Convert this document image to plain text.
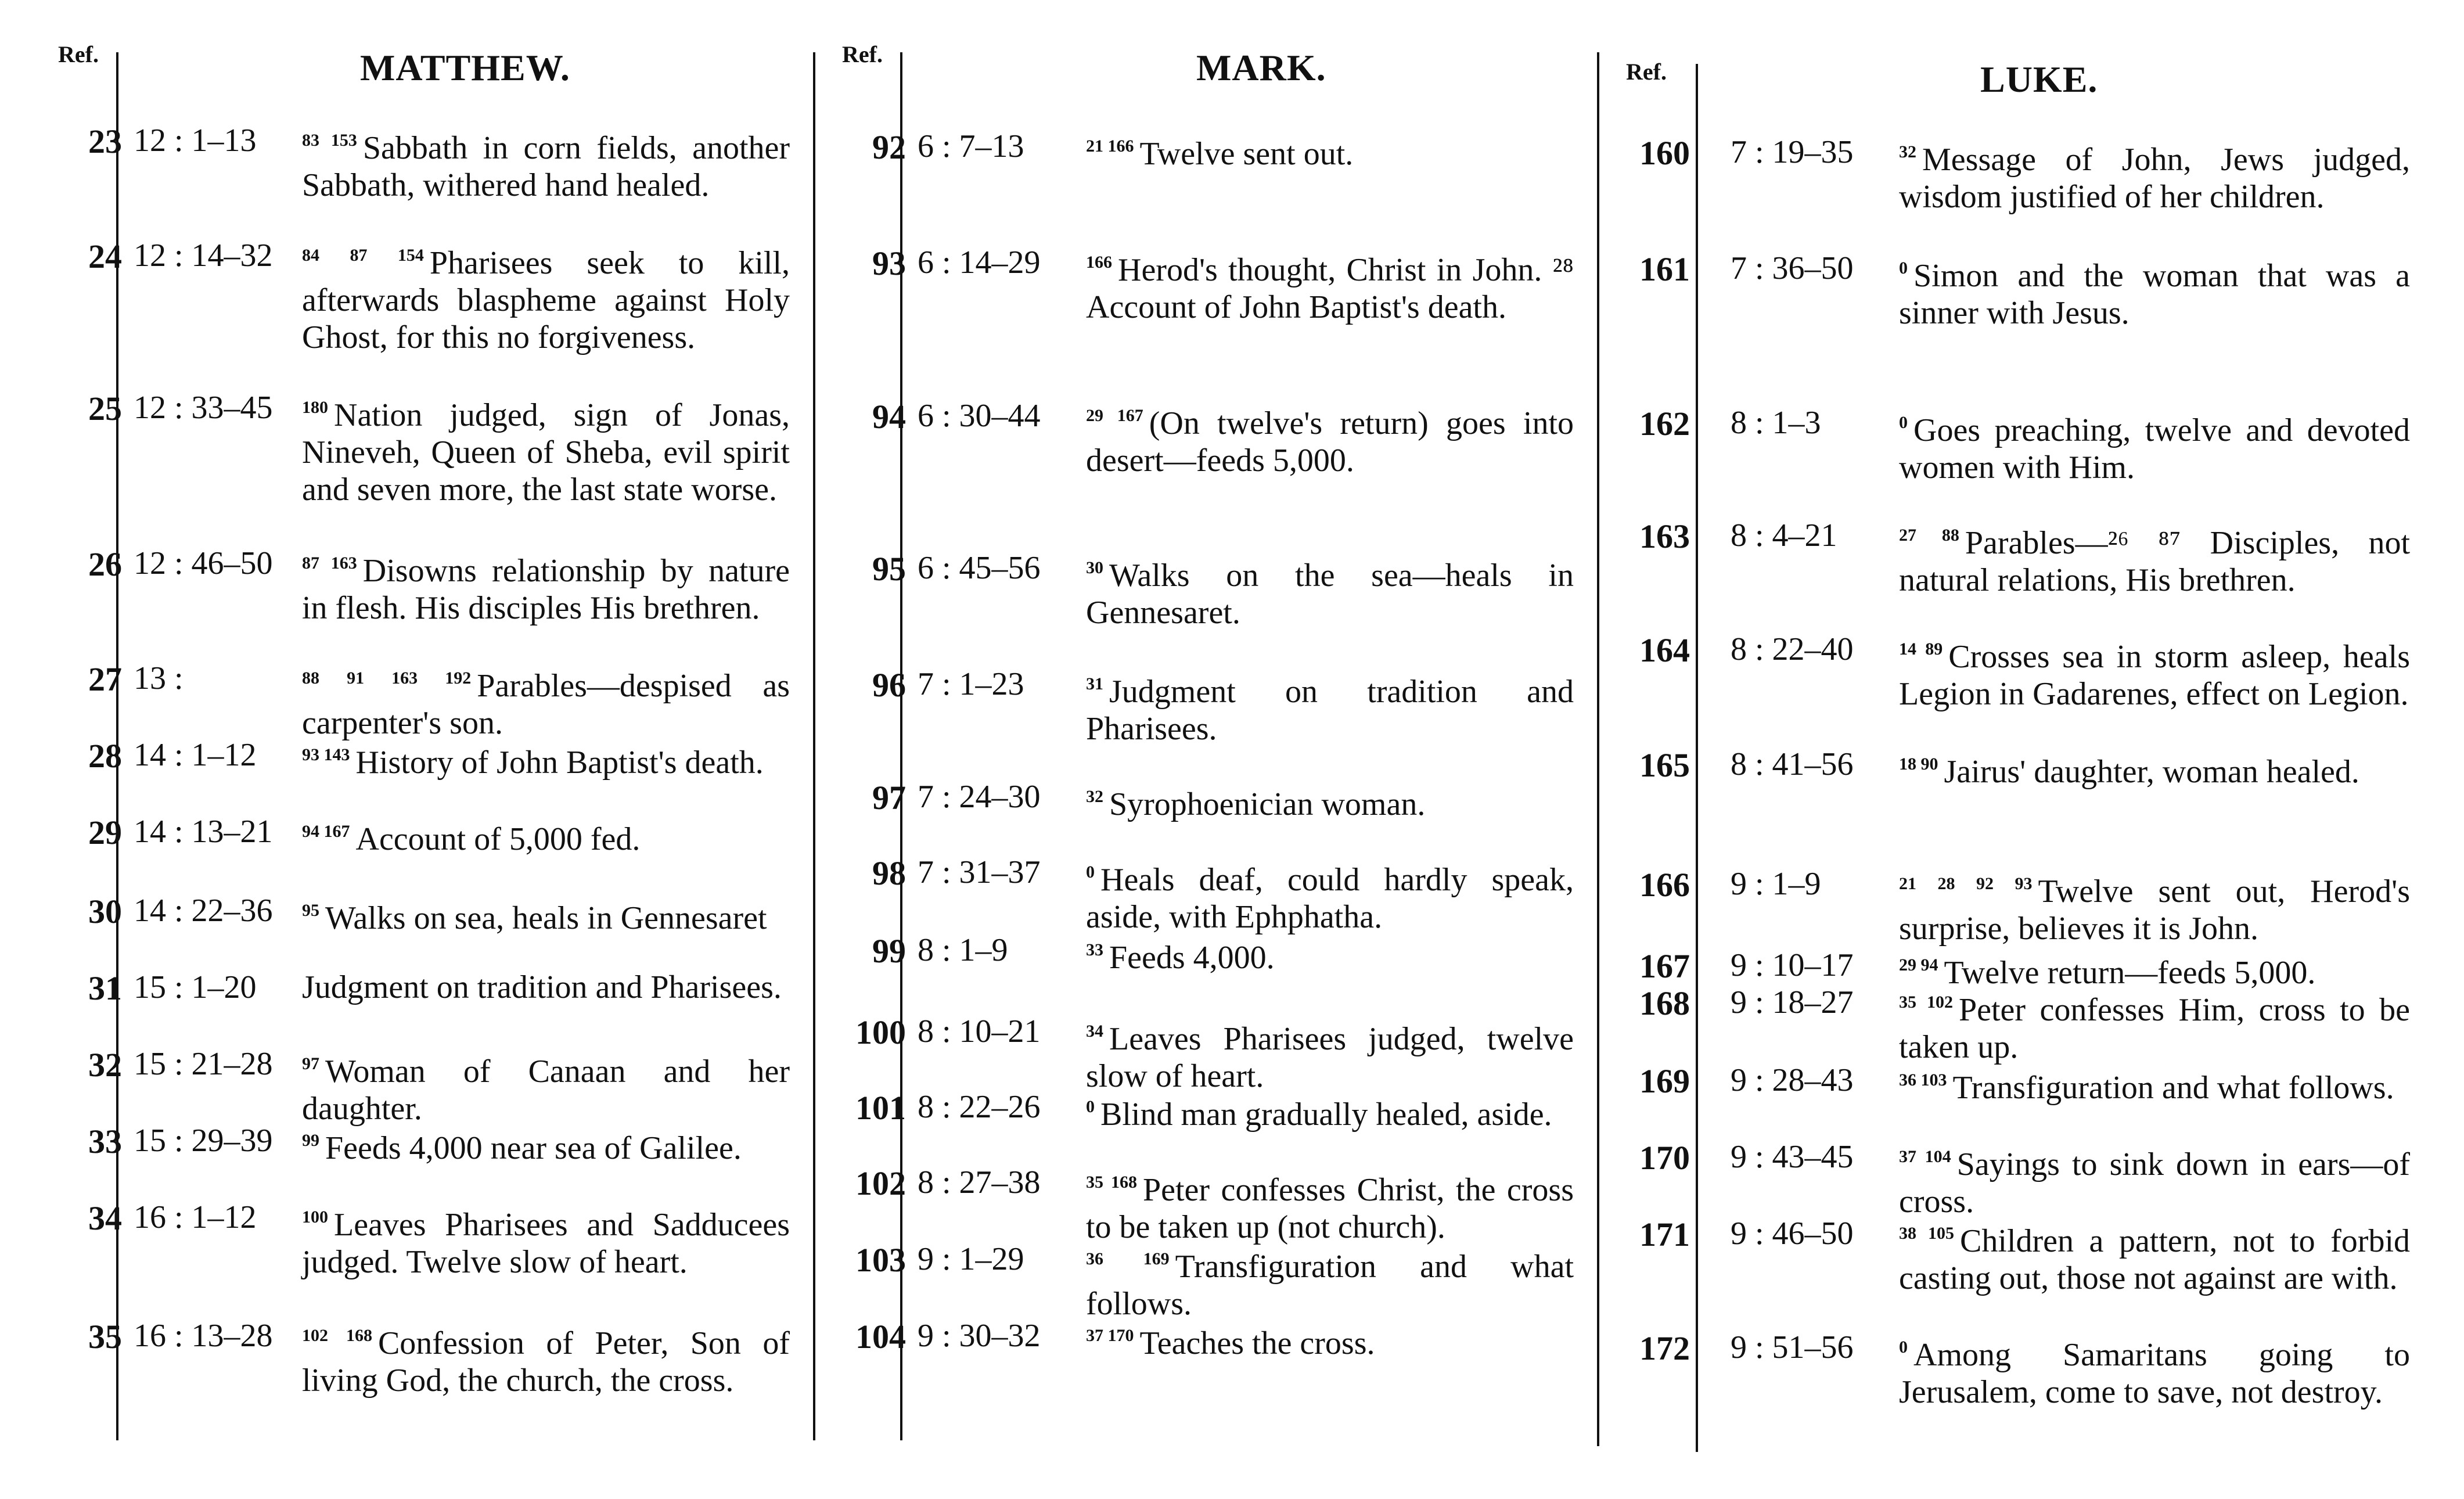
Ref.	MATTHEW.
23 12 : 1–13	$^{83 153}$ Sabbath in corn fields, another Sabbath, withered hand healed.
24 12 : 14–32	$^{84 87 154}$ Pharisees seek to kill, afterwards blaspheme against Holy Ghost, for this no forgiveness.
25 12 : 33–45	$^{180}$ Nation judged, sign of Jonas, Nineveh, Queen of Sheba, evil spirit and seven more, the last state worse.
26 12 : 46–50	$^{87 163}$ Disowns relationship by nature in flesh. His disciples His brethren.
27 13 :	$^{88 91 163 192}$ Parables—despised as carpenter's son.
28 14 : 1–12	$^{93 143}$ History of John Baptist's death.
29 14 : 13–21	$^{94 167}$ Account of 5,000 fed.
30 14 : 22–36	$^{95}$ Walks on sea, heals in Gennesaret
31 15 : 1–20	Judgment on tradition and Pharisees.
32 15 : 21–28	$^{97}$ Woman of Canaan and her daughter.
33 15 : 29–39	$^{99}$ Feeds 4,000 near sea of Galilee.
34 16 : 1–12	$^{100}$ Leaves Pharisees and Sadducees judged. Twelve slow of heart.
35 16 : 13–28	$^{102 168}$ Confession of Peter, Son of living God, the church, the cross.
Ref.	MARK.
92 6 : 7–13	$^{21 166}$ Twelve sent out.
93 6 : 14–29	$^{166}$ Herod's thought, Christ in John. ²⁸ Account of John Baptist's death.
94 6 : 30–44	$^{29 167}$ (On twelve's return) goes into desert—feeds 5,000.
95 6 : 45–56	$^{30}$ Walks on the sea—heals in Gennesaret.
96 7 : 1–23	$^{31}$ Judgment on tradition and Pharisees.
97 7 : 24–30	$^{32}$ Syrophoenician woman.
98 7 : 31–37	$^0$ Heals deaf, could hardly speak, aside, with Ephphatha.
99 8 : 1–9	$^{33}$ Feeds 4,000.
100 8 : 10–21	$^{34}$ Leaves Pharisees judged, twelve slow of heart.
101 8 : 22–26	$^0$ Blind man gradually healed, aside.
102 8 : 27–38	$^{35 168}$ Peter confesses Christ, the cross to be taken up (not church).
103 9 : 1–29	$^{36 169}$ Transfiguration and what follows.
104 9 : 30–32	$^{37 170}$ Teaches the cross.
Ref.	LUKE.
160 7 : 19–35	$^{32}$ Message of John, Jews judged, wisdom justified of her children.
161 7 : 36–50	$^0$ Simon and the woman that was a sinner with Jesus.
162 8 : 1–3	$^0$ Goes preaching, twelve and devoted women with Him.
163 8 : 4–21	$^{27 88}$ Parables—²⁶ ⁸⁷ Disciples, not natural relations, His brethren.
164 8 : 22–40	$^{14 89}$ Crosses sea in storm asleep, heals Legion in Gadarenes, effect on Legion.
165 8 : 41–56	$^{18 90}$ Jairus' daughter, woman healed.
166 9 : 1–9	$^{21 28 92 93}$ Twelve sent out, Herod's surprise, believes it is John.
167 9 : 10–17	$^{29 94}$ Twelve return—feeds 5,000.
168 9 : 18–27	$^{35 102}$ Peter confesses Him, cross to be taken up.
169 9 : 28–43	$^{36 103}$ Transfiguration and what follows.
170 9 : 43–45	$^{37 104}$ Sayings to sink down in ears—of cross.
171 9 : 46–50	$^{38 105}$ Children a pattern, not to forbid casting out, those not against are with.
172 9 : 51–56	$^0$ Among Samaritans going to Jerusalem, come to save, not destroy.
